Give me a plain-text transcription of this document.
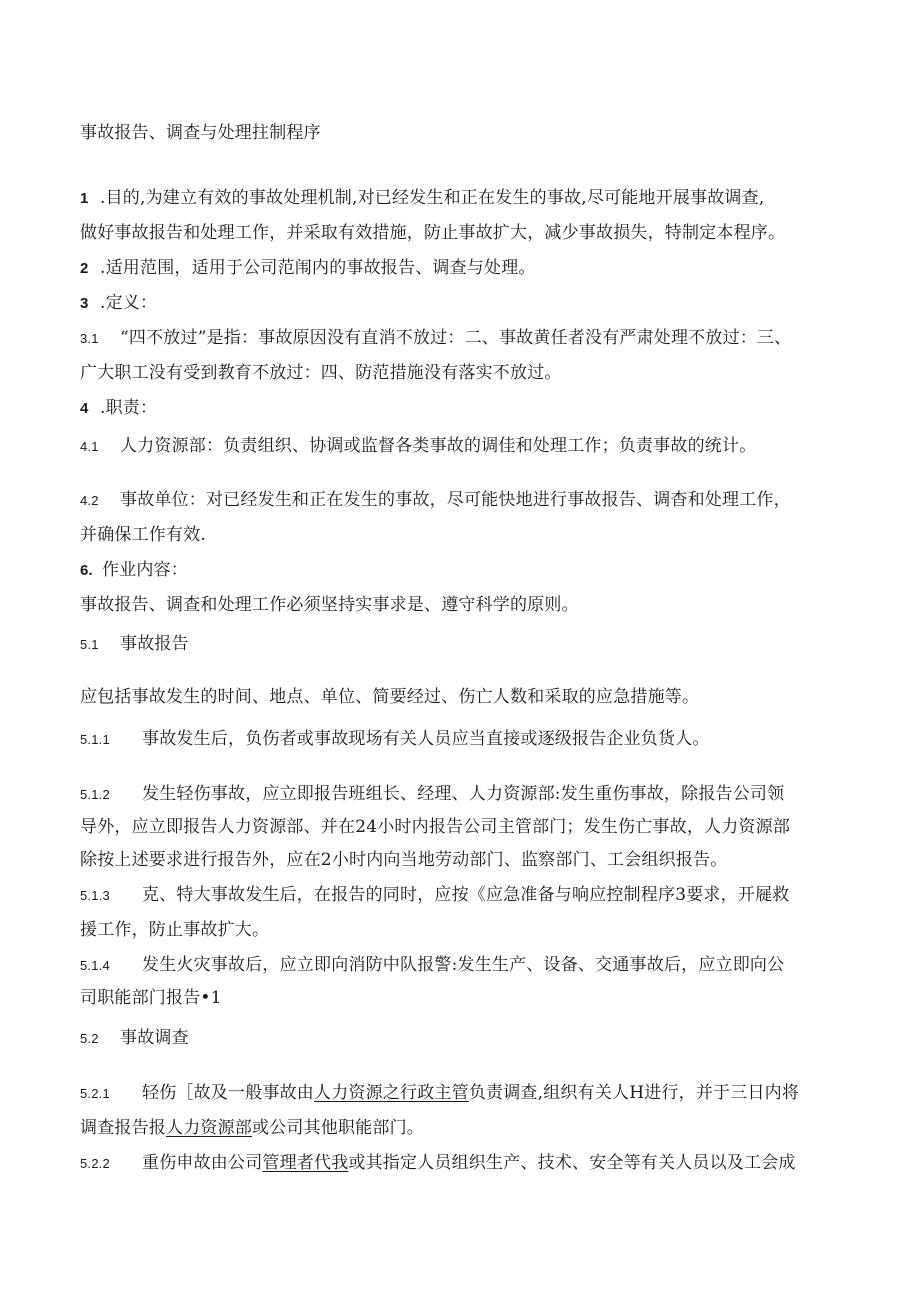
事故报告、调查与处理拄制程序
1 .目的,为建立有效的事故处理机制,对已经发生和正在发生的事故,尽可能地开展事故调查,
做好事故报告和处理工作，并采取有效措施，防止事故扩大，减少事故损失，特制定本程序。
2 .适用范围，适用于公司范闱内的事故报告、调查与处理。
3 .定义：
3.1 “四不放过”是指：事故原因没有直消不放过：二、事故黄任者没有严肃处理不放过：三、
广大职工没有受到教育不放过：四、防范措施没有落实不放过。
4 .职责：
4.1 人力资源部：负责组织、协调或监督各类事故的调佳和处理工作；负责事故的统计。
4.2 事故单位：对已经发生和正在发生的事故，尽可能快地进行事故报告、调杳和处理工作，
并确保工作有效.
6. 作业内容：
事故报告、调查和处理工作必须坚持实事求是、遵守科学的原则。
5.1 事故报告
应包括事故发生的时间、地点、单位、简要经过、伤亡人数和采取的应急措施等。
5.1.1 事故发生后，负伤者或事故现场有关人员应当直接或逐级报告企业负货人。
5.1.2 发生轻伤事故，应立即报告班组长、经理、人力资源部:发生重伤事故，除报告公司领
导外，应立即报告人力资源部、并在24小时内报告公司主管部门；发生伤亡事故，人力资源部
除按上述要求进行报告外，应在2小时内向当地劳动部门、监察部门、工会组织报告。
5.1.3 克、特大事故发生后，在报告的同时，应按《应急准备与响应控制程序3要求，开屣救
援工作，防止事故扩大。
5.1.4 发生火灾事故后，应立即向消防中队报警:发生生产、设备、交通事故后，应立即向公
司职能部门报告•1
5.2 事故调查
5.2.1 轻伤［故及一般事故由人力资源之行政主管负责调查,组织有关人H进行，并于三日内将
调查报告报人力资源部或公司其他职能部门。
5.2.2 重伤申故由公司管理者代我或其指定人员组织生产、技术、安全等有关人员以及工会成
